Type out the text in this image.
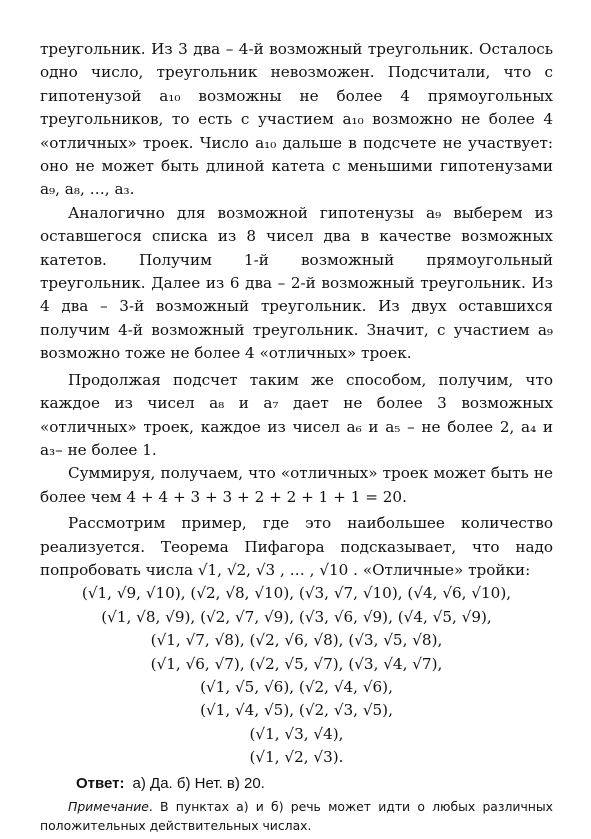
треугольник. Из 3 два – 4-й возможный треугольник. Осталось одно число, треугольник невозможен. Подсчитали, что с гипотенузой a₁₀ возможны не более 4 прямоугольных треугольников, то есть с участием a₁₀ возможно не более 4 «отличных» троек. Число a₁₀ дальше в подсчете не участвует: оно не может быть длиной катета с меньшими гипотенузами a₉, a₈, …, a₃.

Аналогично для возможной гипотенузы a₉ выберем из оставшегося списка из 8 чисел два в качестве возможных катетов. Получим 1-й возможный прямоугольный треугольник. Далее из 6 два – 2-й возможный треугольник. Из 4 два – 3-й возможный треугольник. Из двух оставшихся получим 4-й возможный треугольник. Значит, с участием a₉ возможно тоже не более 4 «отличных» троек.

Продолжая подсчет таким же способом, получим, что каждое из чисел a₈ и a₇ дает не более 3 возможных «отличных» троек, каждое из чисел a₆ и a₅ – не более 2, a₄ и a₃– не более 1.

Суммируя, получаем, что «отличных» троек может быть не более чем 4 + 4 + 3 + 3 + 2 + 2 + 1 + 1 = 20.

Рассмотрим пример, где это наибольшее количество реализуется. Теорема Пифагора подсказывает, что надо попробовать числа √1, √2, √3 , … , √10 . «Отличные» тройки:

(√1, √9, √10), (√2, √8, √10), (√3, √7, √10), (√4, √6, √10),

(√1, √8, √9), (√2, √7, √9), (√3, √6, √9), (√4, √5, √9),

(√1, √7, √8), (√2, √6, √8), (√3, √5, √8),

(√1, √6, √7), (√2, √5, √7), (√3, √4, √7),

(√1, √5, √6), (√2, √4, √6),

(√1, √4, √5), (√2, √3, √5),

(√1, √3, √4),

(√1, √2, √3).

Ответ: а) Да. б) Нет. в) 20.

Примечание. В пунктах а) и б) речь может идти о любых различных положительных действительных числах.
